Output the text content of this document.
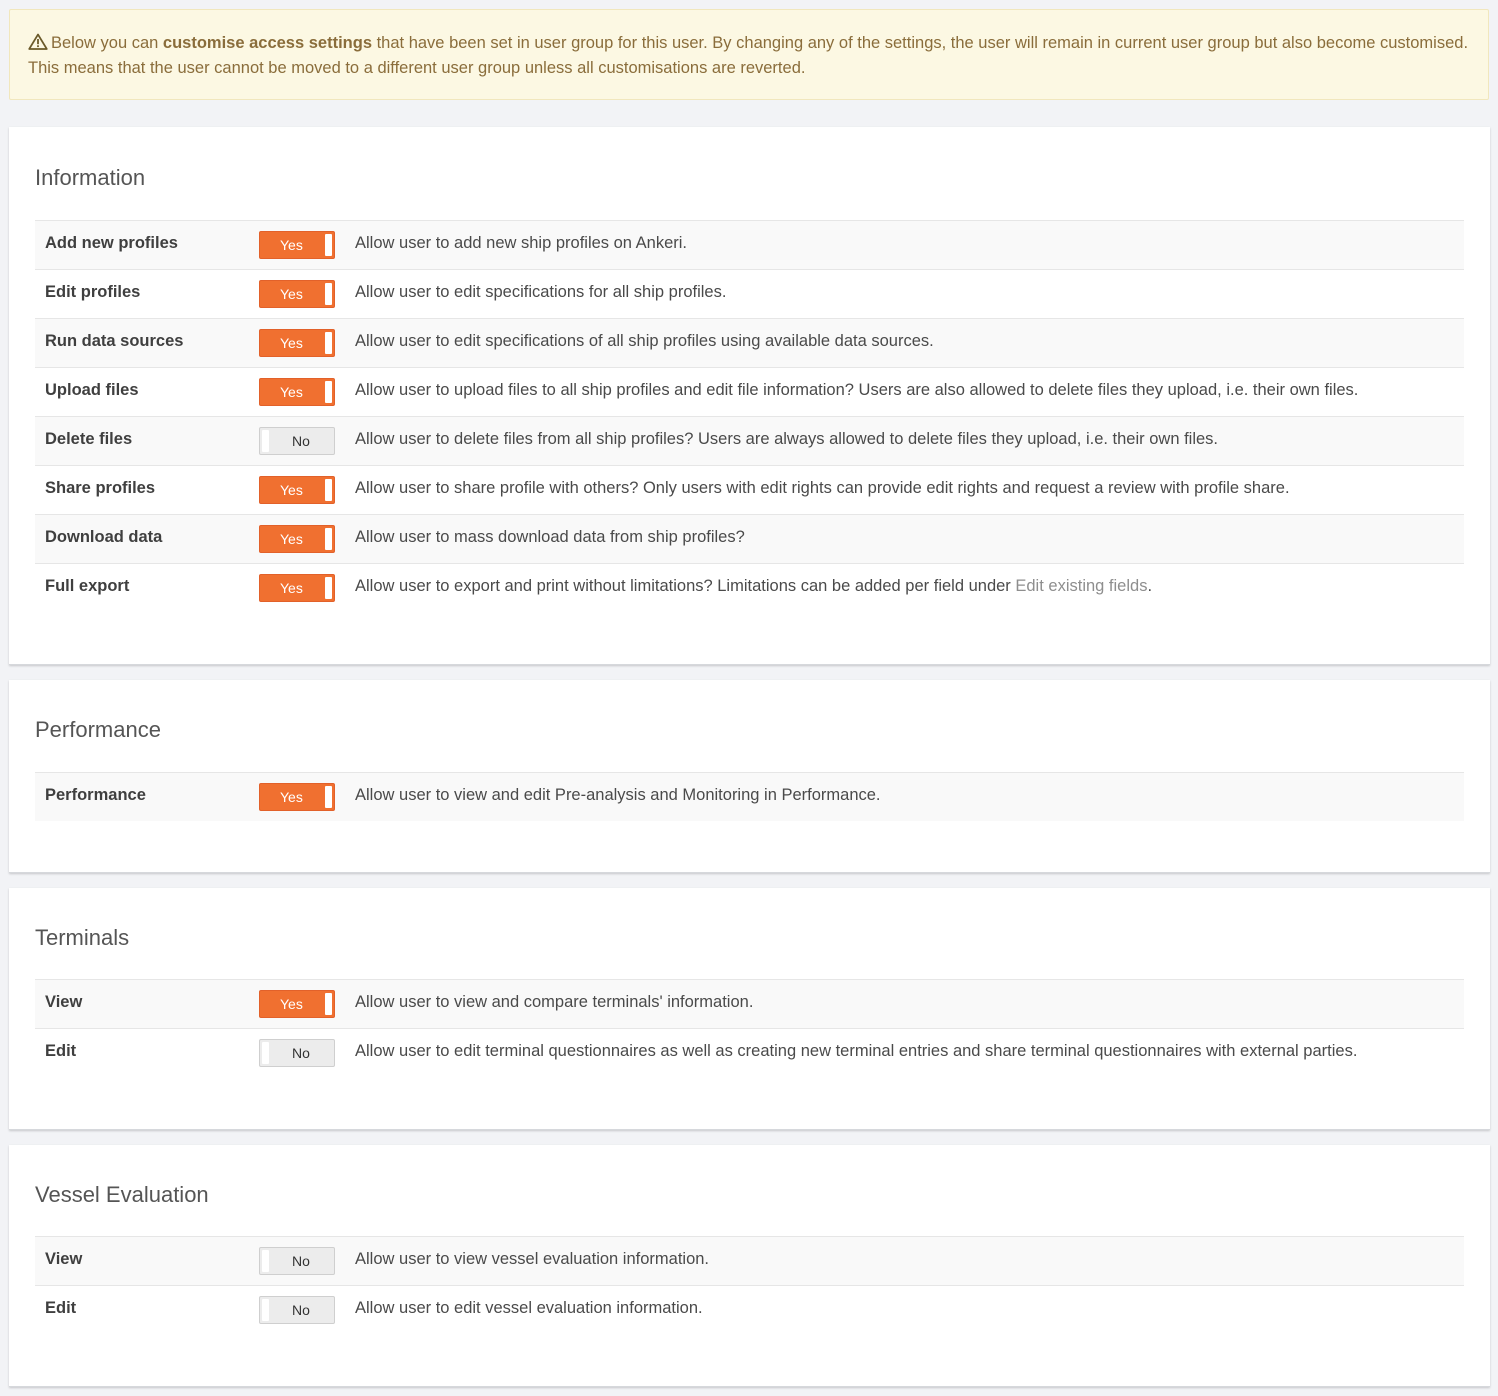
Below you can customise access settings that have been set in user group for this user. By changing any of the settings, the user will remain in current user group but also become customised. This means that the user cannot be moved to a different user group unless all customisations are reverted.
Information
Add new profiles	Yes	Allow user to add new ship profiles on Ankeri.
Edit profiles	Yes	Allow user to edit specifications for all ship profiles.
Run data sources	Yes	Allow user to edit specifications of all ship profiles using available data sources.
Upload files	Yes	Allow user to upload files to all ship profiles and edit file information? Users are also allowed to delete files they upload, i.e. their own files.
Delete files	No	Allow user to delete files from all ship profiles? Users are always allowed to delete files they upload, i.e. their own files.
Share profiles	Yes	Allow user to share profile with others? Only users with edit rights can provide edit rights and request a review with profile share.
Download data	Yes	Allow user to mass download data from ship profiles?
Full export	Yes	Allow user to export and print without limitations? Limitations can be added per field under Edit existing fields.
Performance
Performance	Yes	Allow user to view and edit Pre-analysis and Monitoring in Performance.
Terminals
View	Yes	Allow user to view and compare terminals' information.
Edit	No	Allow user to edit terminal questionnaires as well as creating new terminal entries and share terminal questionnaires with external parties.
Vessel Evaluation
View	No	Allow user to view vessel evaluation information.
Edit	No	Allow user to edit vessel evaluation information.
